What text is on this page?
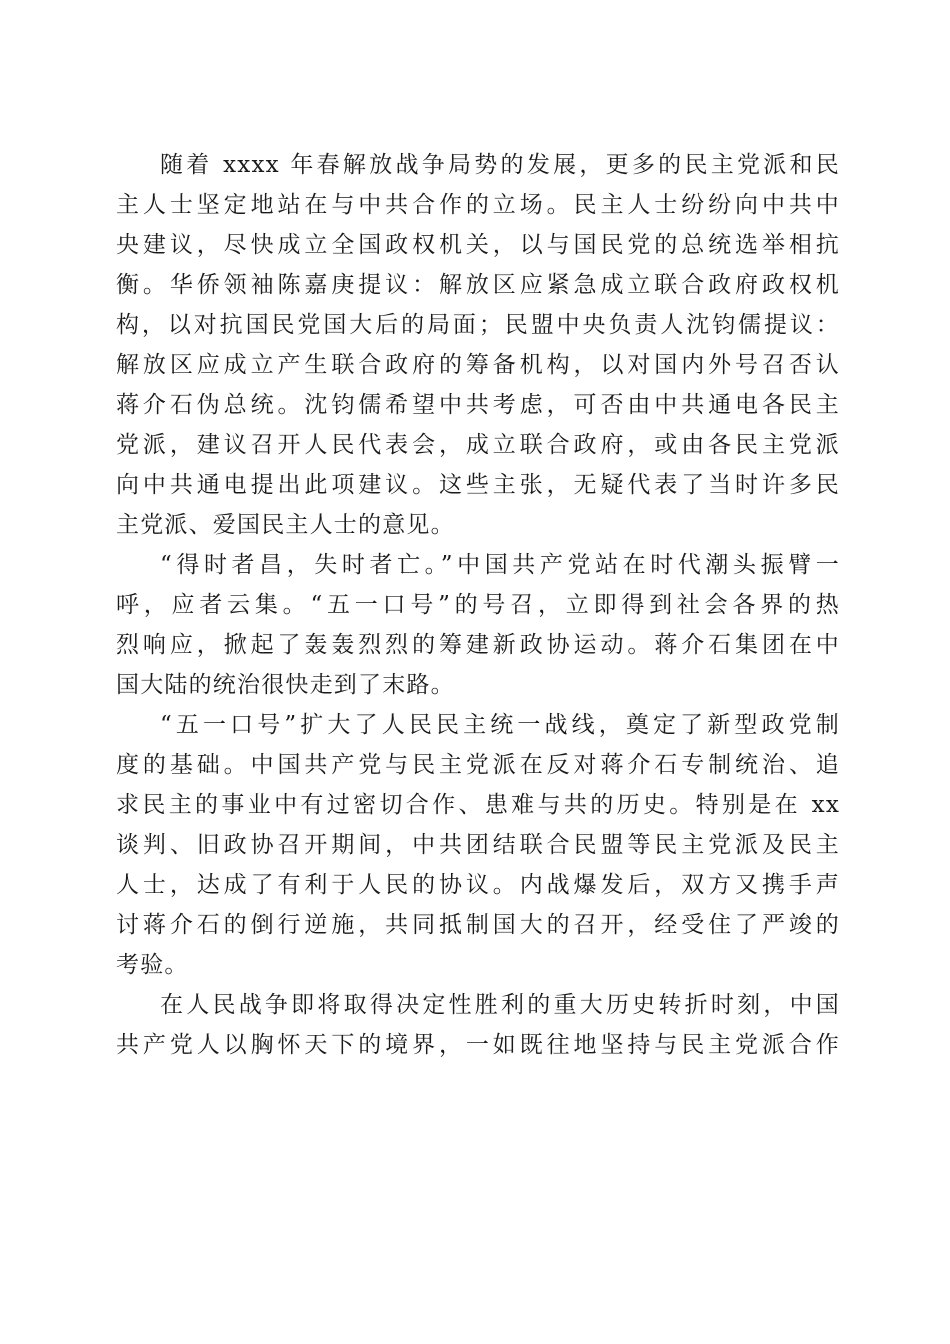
随着 xxxx 年春解放战争局势的发展，更多的民主党派和民
主人士坚定地站在与中共合作的立场。民主人士纷纷向中共中
央建议，尽快成立全国政权机关，以与国民党的总统选举相抗
衡。华侨领袖陈嘉庚提议：解放区应紧急成立联合政府政权机
构，以对抗国民党国大后的局面；民盟中央负责人沈钧儒提议：
解放区应成立产生联合政府的筹备机构，以对国内外号召否认
蒋介石伪总统。沈钧儒希望中共考虑，可否由中共通电各民主
党派，建议召开人民代表会，成立联合政府，或由各民主党派
向中共通电提出此项建议。这些主张，无疑代表了当时许多民
主党派、爱国民主人士的意见。
“得时者昌，失时者亡。”中国共产党站在时代潮头振臂一
呼，应者云集。“五一口号”的号召，立即得到社会各界的热
烈响应，掀起了轰轰烈烈的筹建新政协运动。蒋介石集团在中
国大陆的统治很快走到了末路。
“五一口号”扩大了人民民主统一战线，奠定了新型政党制
度的基础。中国共产党与民主党派在反对蒋介石专制统治、追
求民主的事业中有过密切合作、患难与共的历史。特别是在 xx
谈判、旧政协召开期间，中共团结联合民盟等民主党派及民主
人士，达成了有利于人民的协议。内战爆发后，双方又携手声
讨蒋介石的倒行逆施，共同抵制国大的召开，经受住了严竣的
考验。
在人民战争即将取得决定性胜利的重大历史转折时刻，中国
共产党人以胸怀天下的境界，一如既往地坚持与民主党派合作
